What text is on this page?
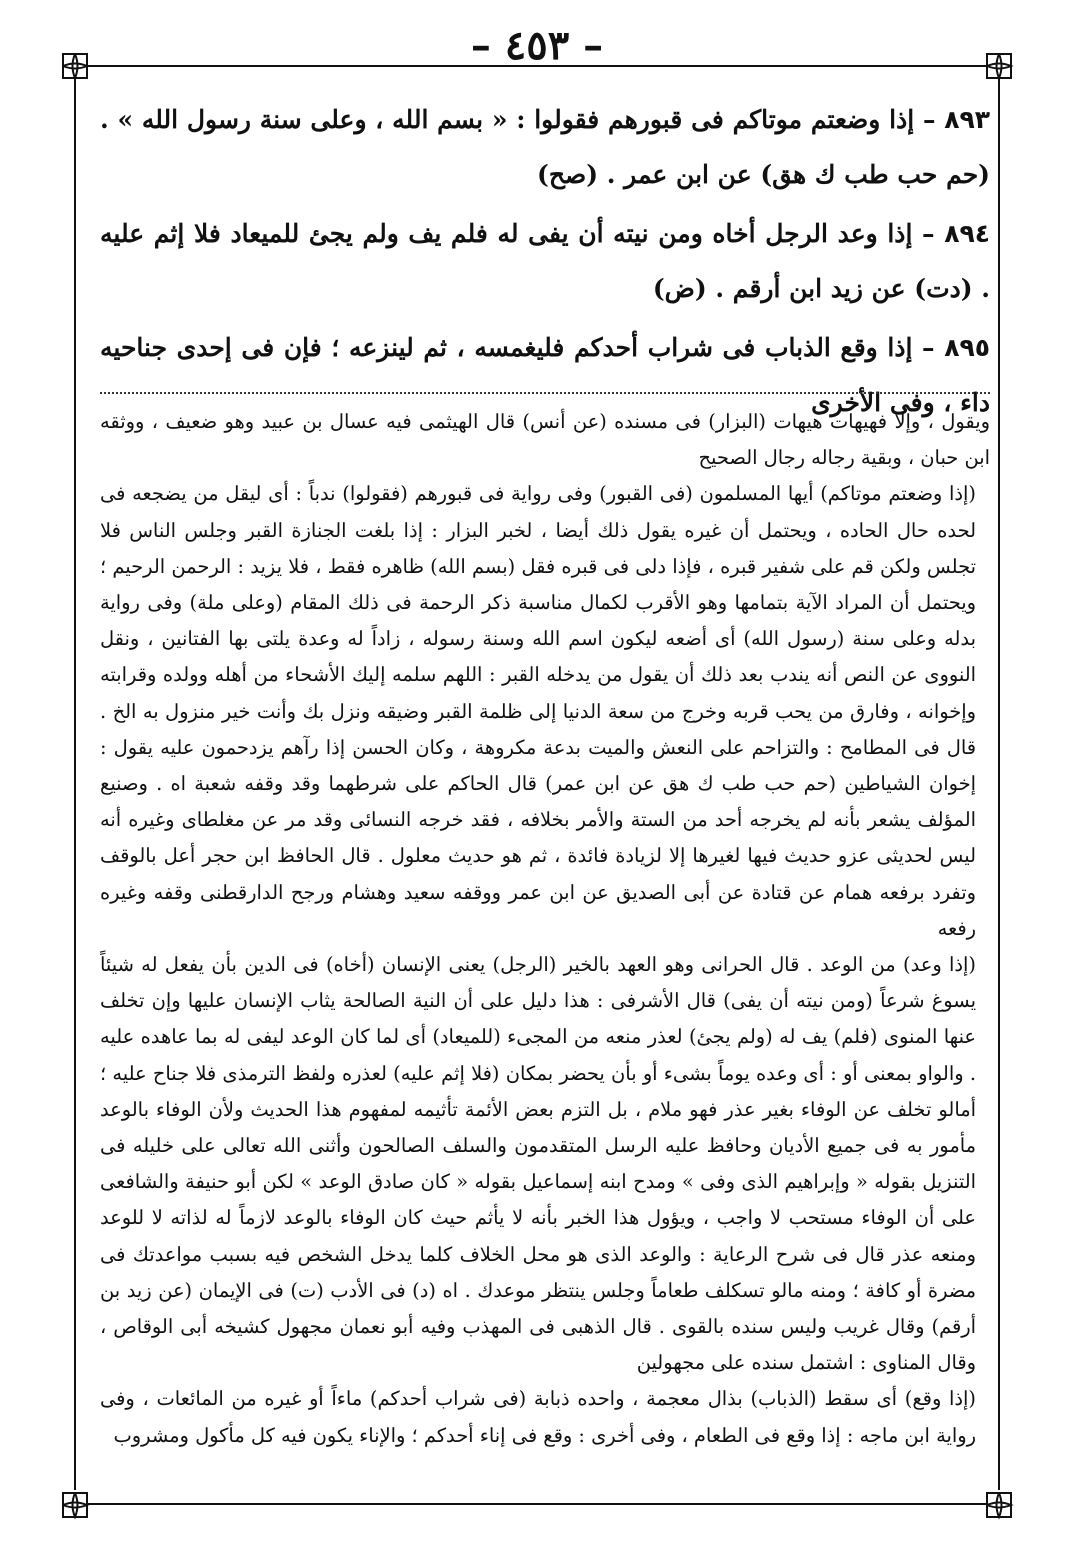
– ٤٥٣ –

٨٩٣ – إذا وضعتم موتاكم فى قبورهم فقولوا : « بسم الله ، وعلى سنة رسول الله » . (حم حب طب ك هق) عن ابن عمر . (صح)

٨٩٤ – إذا وعد الرجل أخاه ومن نيته أن يفى له فلم يف ولم يجئ للميعاد فلا إثم عليه . (دت) عن زيد ابن أرقم . (ض)

٨٩٥ – إذا وقع الذباب فى شراب أحدكم فليغمسه ، ثم لينزعه ؛ فإن فى إحدى جناحيه داء ، وفى الأخرى

ويقول ، وإلا فهيهات هيهات (البزار) فى مسنده (عن أنس) قال الهيثمى فيه عسال بن عبيد وهو ضعيف ، ووثقه ابن حبان ، وبقية رجاله رجال الصحيح

(إذا وضعتم موتاكم) أيها المسلمون (فى القبور) وفى رواية فى قبورهم (فقولوا) ندباً : أى ليقل من يضجعه فى لحده حال الحاده ، ويحتمل أن غيره يقول ذلك أيضا ، لخبر البزار : إذا بلغت الجنازة القبر وجلس الناس فلا تجلس ولكن قم على شفير قبره ، فإذا دلى فى قبره فقل (بسم الله) ظاهره فقط ، فلا يزيد : الرحمن الرحيم ؛ ويحتمل أن المراد الآية بتمامها وهو الأقرب لكمال مناسبة ذكر الرحمة فى ذلك المقام (وعلى ملة) وفى رواية بدله وعلى سنة (رسول الله) أى أضعه ليكون اسم الله وسنة رسوله ، زاداً له وعدة يلتى بها الفتانين ، ونقل النووى عن النص أنه يندب بعد ذلك أن يقول من يدخله القبر : اللهم سلمه إليك الأشحاء من أهله وولده وقرابته وإخوانه ، وفارق من يحب قربه وخرج من سعة الدنيا إلى ظلمة القبر وضيقه ونزل بك وأنت خير منزول به الخ . قال فى المطامح : والتزاحم على النعش والميت بدعة مكروهة ، وكان الحسن إذا رآهم يزدحمون عليه يقول : إخوان الشياطين (حم حب طب ك هق عن ابن عمر) قال الحاكم على شرطهما وقد وقفه شعبة اه . وصنيع المؤلف يشعر بأنه لم يخرجه أحد من الستة والأمر بخلافه ، فقد خرجه النسائى وقد مر عن مغلطاى وغيره أنه ليس لحديثى عزو حديث فيها لغيرها إلا لزيادة فائدة ، ثم هو حديث معلول . قال الحافظ ابن حجر أعل بالوقف وتفرد برفعه همام عن قتادة عن أبى الصديق عن ابن عمر ووقفه سعيد وهشام ورجح الدارقطنى وقفه وغيره رفعه

(إذا وعد) من الوعد . قال الحرانى وهو العهد بالخير (الرجل) يعنى الإنسان (أخاه) فى الدين بأن يفعل له شيئاً يسوغ شرعاً (ومن نيته أن يفى) قال الأشرفى : هذا دليل على أن النية الصالحة يثاب الإنسان عليها وإن تخلف عنها المنوى (فلم) يف له (ولم يجئ) لعذر منعه من المجىء (للميعاد) أى لما كان الوعد ليفى له بما عاهده عليه . والواو بمعنى أو : أى وعده يوماً بشىء أو بأن يحضر بمكان (فلا إثم عليه) لعذره ولفظ الترمذى فلا جناح عليه ؛ أمالو تخلف عن الوفاء بغير عذر فهو ملام ، بل التزم بعض الأئمة تأثيمه لمفهوم هذا الحديث ولأن الوفاء بالوعد مأمور به فى جميع الأديان وحافظ عليه الرسل المتقدمون والسلف الصالحون وأثنى الله تعالى على خليله فى التنزيل بقوله « وإبراهيم الذى وفى » ومدح ابنه إسماعيل بقوله « كان صادق الوعد » لكن أبو حنيفة والشافعى على أن الوفاء مستحب لا واجب ، ويؤول هذا الخبر بأنه لا يأثم حيث كان الوفاء بالوعد لازماً له لذاته لا للوعد ومنعه عذر قال فى شرح الرعاية : والوعد الذى هو محل الخلاف كلما يدخل الشخص فيه بسبب مواعدتك فى مضرة أو كافة ؛ ومنه مالو تسكلف طعاماً وجلس ينتظر موعدك . اه (د) فى الأدب (ت) فى الإيمان (عن زيد بن أرقم) وقال غريب وليس سنده بالقوى . قال الذهبى فى المهذب وفيه أبو نعمان مجهول كشيخه أبى الوقاص ، وقال المناوى : اشتمل سنده على مجهولين

(إذا وقع) أى سقط (الذباب) بذال معجمة ، واحده ذبابة (فى شراب أحدكم) ماءاً أو غيره من المائعات ، وفى رواية ابن ماجه : إذا وقع فى الطعام ، وفى أخرى : وقع فى إناء أحدكم ؛ والإناء يكون فيه كل مأكول ومشروب
